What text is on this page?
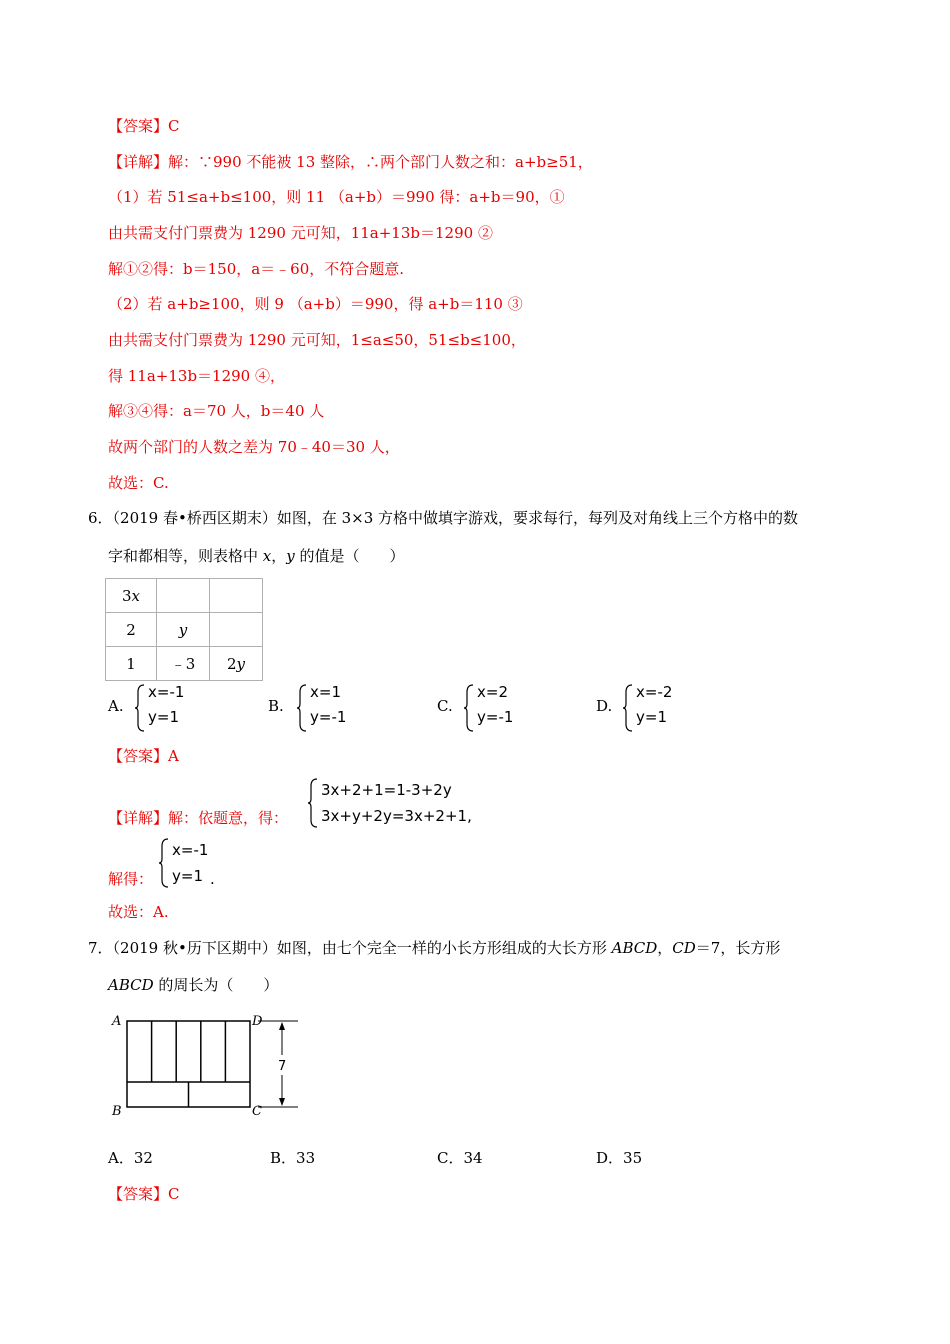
【答案】C
【详解】解：∵990 不能被 13 整除，∴两个部门人数之和：a+b≥51，
（1）若 51≤a+b≤100，则 11 （a+b）＝990 得：a+b＝90，①
由共需支付门票费为 1290 元可知，11a+13b＝1290 ②
解①②得：b＝150，a＝﹣60，不符合题意.
（2）若 a+b≥100，则 9 （a+b）＝990，得 a+b＝110 ③
由共需支付门票费为 1290 元可知，1≤a≤50，51≤b≤100，
得 11a+13b＝1290 ④，
解③④得：a＝70 人，b＝40 人
故两个部门的人数之差为 70﹣40＝30 人，
故选：C.
6．（2019 春•桥西区期末）如图，在 3×3 方格中做填字游戏，要求每行，每列及对角线上三个方格中的数
字和都相等，则表格中 x，y 的值是（　　）
3x		
2	y	
1	﹣3	2y
A.
x=-1
y=1
B.
x=1
y=-1
C.
x=2
y=-1
D.
x=-2
y=1
【答案】A
【详解】解：依题意，得：
3x+2+1=1-3+2y
3x+y+2y=3x+2+1,
解得：
x=-1
y=1 .
故选：A.
7．（2019 秋•历下区期中）如图，由七个完全一样的小长方形组成的大长方形 ABCD，CD＝7，长方形
ABCD 的周长为（　　）
A
B	C
D
7
A．32	B．33	C．34	D．35
【答案】C
